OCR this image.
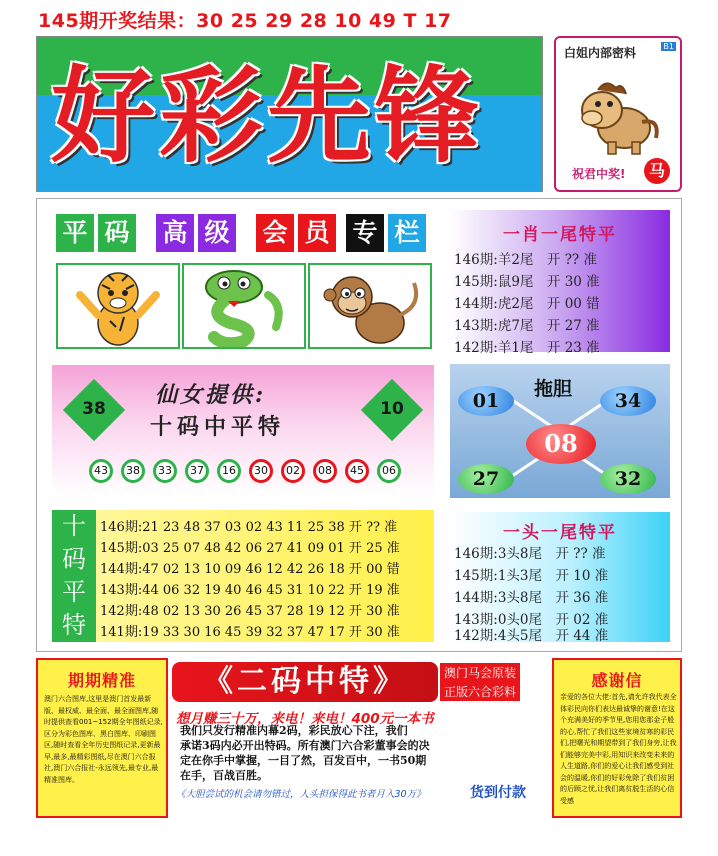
145期开奖结果：30 25 29 28 10 49 T 17
好彩先锋
白姐内部密料	B1
祝君中奖!	马
平 码 高 级 会 员 专 栏	一肖一尾特平
146期:羊2尾　开 ?? 准
145期:鼠9尾　开 30 准
144期:虎2尾　开 00 错
143期:虎7尾　开 27 准
142期:羊1尾　开 23 准
38	10
仙女提供:
十码中平特
43	38	33	37	16	30	02	08	45	06
拖胆
01	34
08
27	32
十
码
平
特
146期:21 23 48 37 03 02 43 11 25 38 开 ?? 准
145期:03 25 07 48 42 06 27 41 09 01 开 25 准
144期:47 02 13 10 09 46 12 42 26 18 开 00 错
143期:44 06 32 19 40 46 45 31 10 22 开 19 准
142期:48 02 13 30 26 45 37 28 19 12 开 30 准
141期:19 33 30 16 45 39 32 37 47 17 开 30 准
一头一尾特平
146期:3头8尾　开 ?? 准
145期:1头3尾　开 10 准
144期:3头8尾　开 36 准
143期:0头0尾　开 02 准
142期:4头5尾　开 44 准
期期精准
澳门六合图库,这里是澳门首发最新版、最权威、最全面、最全面图库,随时提供查看001~152期全年图纸记录,区分为彩色图库、黑白图库、印刷图区,随时查看全年历史图纸记录,更新最早,最多,最精彩图纸,尽在澳门六合报社,澳门六合报社-永远领先,最专业,最精准图库。
《二码中特》	澳门马会原装
正版六合彩料
想月赚三十万，来电！来电！400元一本书
我们只发行精准内幕2码，彩民放心下注，我们
承诺3码内必开出特码。所有澳门六合彩董事会的决
定在你手中掌握，一目了然，百发百中，一书50期
在手，百战百胜。
《大胆尝试的机会请勿错过，人头担保得此书者月入30万》	货到付款
感谢信
亲爱的各位大佬:首先,请允许我代表全体彩民向你们表达最诚挚的谢意!在这个充满美好的季节里,您用您那金子般的心,帮忙了我们这些家境贫寒的彩民们,把曙光和期望带到了我们身旁,让我们能够完美中彩,用知识来改变未来的人生道路,你们的爱心让我们感受到社会的温暖,你们的好彩免除了我们贫困的后顾之忧,让我们离贫脱生活的心信受感
